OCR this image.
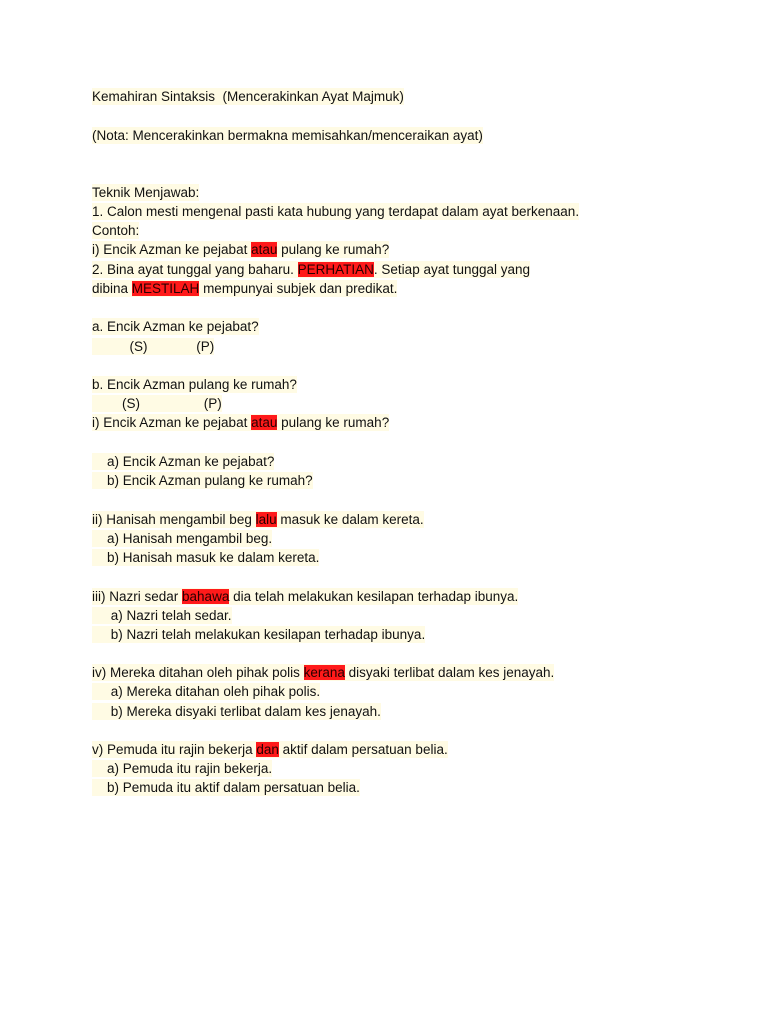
Kemahiran Sintaksis  (Mencerakinkan Ayat Majmuk)
(Nota: Mencerakinkan bermakna memisahkan/menceraikan ayat)
Teknik Menjawab:
1. Calon mesti mengenal pasti kata hubung yang terdapat dalam ayat berkenaan.
Contoh:
i) Encik Azman ke pejabat atau pulang ke rumah?
2. Bina ayat tunggal yang baharu. PERHATIAN. Setiap ayat tunggal yang
dibina MESTILAH mempunyai subjek dan predikat.
a. Encik Azman ke pejabat?
(S)             (P)
b. Encik Azman pulang ke rumah?
(S)                 (P)
i) Encik Azman ke pejabat atau pulang ke rumah?
a) Encik Azman ke pejabat?
b) Encik Azman pulang ke rumah?
ii) Hanisah mengambil beg lalu masuk ke dalam kereta.
a) Hanisah mengambil beg.
b) Hanisah masuk ke dalam kereta.
iii) Nazri sedar bahawa dia telah melakukan kesilapan terhadap ibunya.
a) Nazri telah sedar.
b) Nazri telah melakukan kesilapan terhadap ibunya.
iv) Mereka ditahan oleh pihak polis kerana disyaki terlibat dalam kes jenayah.
a) Mereka ditahan oleh pihak polis.
b) Mereka disyaki terlibat dalam kes jenayah.
v) Pemuda itu rajin bekerja dan aktif dalam persatuan belia.
a) Pemuda itu rajin bekerja.
b) Pemuda itu aktif dalam persatuan belia.
